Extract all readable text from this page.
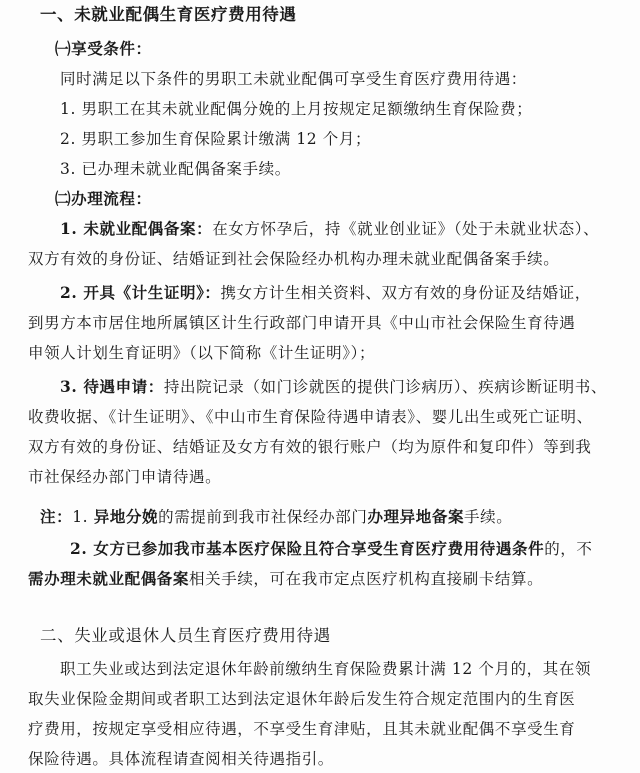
一、未就业配偶生育医疗费用待遇
㈠享受条件：
同时满足以下条件的男职工未就业配偶可享受生育医疗费用待遇：
1. 男职工在其未就业配偶分娩的上月按规定足额缴纳生育保险费；
2. 男职工参加生育保险累计缴满 12 个月；
3. 已办理未就业配偶备案手续。
㈡办理流程：
1. 未就业配偶备案：在女方怀孕后，持《就业创业证》（处于未就业状态）、
双方有效的身份证、结婚证到社会保险经办机构办理未就业配偶备案手续。
2. 开具《计生证明》：携女方计生相关资料、双方有效的身份证及结婚证，
到男方本市居住地所属镇区计生行政部门申请开具《中山市社会保险生育待遇
申领人计划生育证明》（以下简称《计生证明》）；
3. 待遇申请：持出院记录（如门诊就医的提供门诊病历）、疾病诊断证明书、
收费收据、《计生证明》、《中山市生育保险待遇申请表》、婴儿出生或死亡证明、
双方有效的身份证、结婚证及女方有效的银行账户（均为原件和复印件）等到我
市社保经办部门申请待遇。
注：1. 异地分娩的需提前到我市社保经办部门办理异地备案手续。
2. 女方已参加我市基本医疗保险且符合享受生育医疗费用待遇条件的，不
需办理未就业配偶备案相关手续，可在我市定点医疗机构直接刷卡结算。
二、失业或退休人员生育医疗费用待遇
职工失业或达到法定退休年龄前缴纳生育保险费累计满 12 个月的，其在领
取失业保险金期间或者职工达到法定退休年龄后发生符合规定范围内的生育医
疗费用，按规定享受相应待遇，不享受生育津贴，且其未就业配偶不享受生育
保险待遇。具体流程请查阅相关待遇指引。
